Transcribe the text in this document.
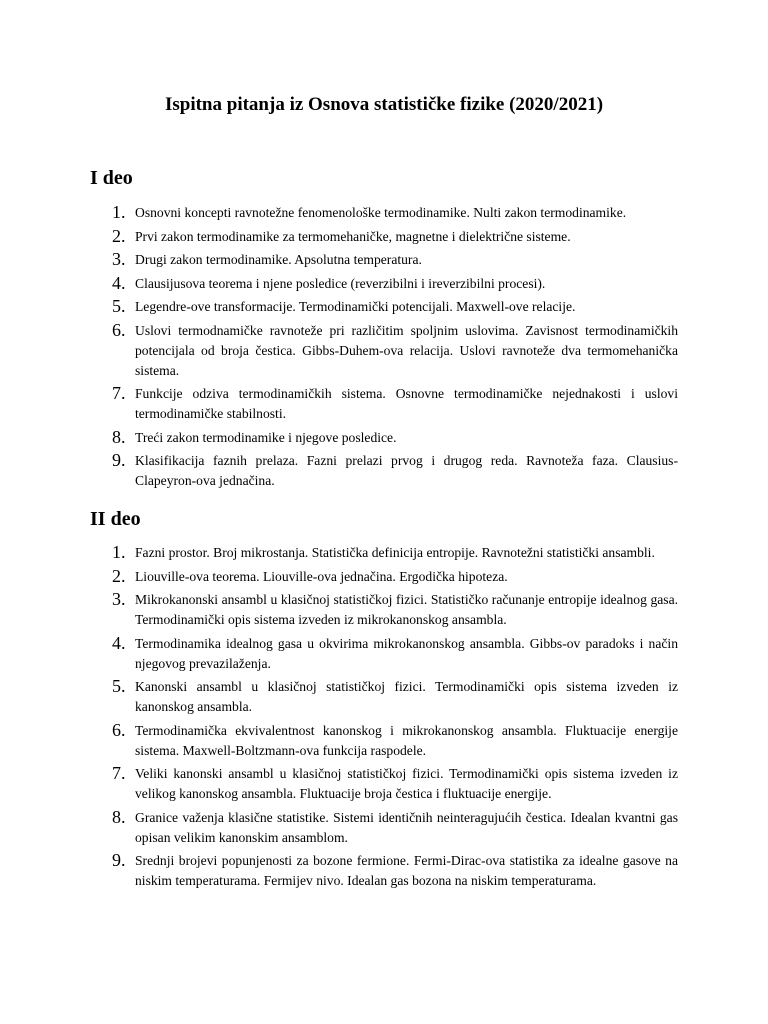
Ispitna pitanja iz Osnova statističke fizike (2020/2021)
I deo
1. Osnovni koncepti ravnotežne fenomenološke termodinamike. Nulti zakon termodinamike.
2. Prvi zakon termodinamike za termomehaničke, magnetne i dielektrične sisteme.
3. Drugi zakon termodinamike. Apsolutna temperatura.
4. Clausijusova teorema i njene posledice (reverzibilni i ireverzibilni procesi).
5. Legendre-ove transformacije. Termodinamički potencijali. Maxwell-ove relacije.
6. Uslovi termodnamičke ravnoteže pri različitim spoljnim uslovima. Zavisnost termodinamičkih potencijala od broja čestica. Gibbs-Duhem-ova relacija. Uslovi ravnoteže dva termomehanička sistema.
7. Funkcije odziva termodinamičkih sistema. Osnovne termodinamičke nejednakosti i uslovi termodinamičke stabilnosti.
8. Treći zakon termodinamike i njegove posledice.
9. Klasifikacija faznih prelaza. Fazni prelazi prvog i drugog reda. Ravnoteža faza. Clausius-Clapeyron-ova jednačina.
II deo
1. Fazni prostor. Broj mikrostanja. Statistička definicija entropije. Ravnotežni statistički ansambli.
2. Liouville-ova teorema. Liouville-ova jednačina. Ergodička hipoteza.
3. Mikrokanonski ansambl u klasičnoj statističkoj fizici. Statističko računanje entropije idealnog gasa. Termodinamički opis sistema izveden iz mikrokanonskog ansambla.
4. Termodinamika idealnog gasa u okvirima mikrokanonskog ansambla. Gibbs-ov paradoks i način njegovog prevazilaženja.
5. Kanonski ansambl u klasičnoj statističkoj fizici. Termodinamički opis sistema izveden iz kanonskog ansambla.
6. Termodinamička ekvivalentnost kanonskog i mikrokanonskog ansambla. Fluktuacije energije sistema. Maxwell-Boltzmann-ova funkcija raspodele.
7. Veliki kanonski ansambl u klasičnoj statističkoj fizici. Termodinamički opis sistema izveden iz velikog kanonskog ansambla. Fluktuacije broja čestica i fluktuacije energije.
8. Granice važenja klasične statistike. Sistemi identičnih neinteragujućih čestica. Idealan kvantni gas opisan velikim kanonskim ansamblom.
9. Srednji brojevi popunjenosti za bozone fermione. Fermi-Dirac-ova statistika za idealne gasove na niskim temperaturama. Fermijev nivo. Idealan gas bozona na niskim temperaturama.
